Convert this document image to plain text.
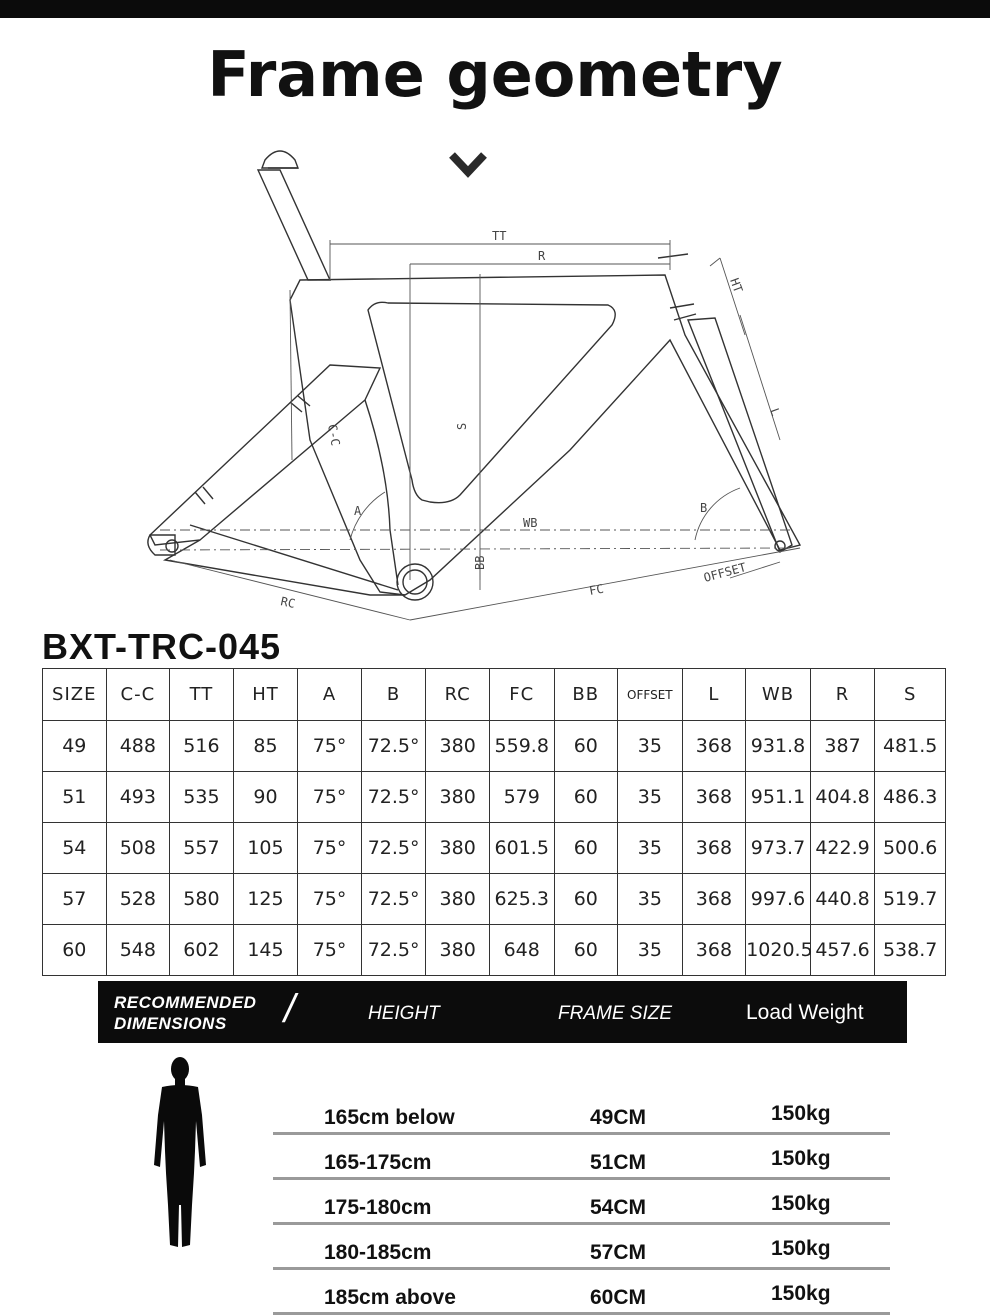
Frame geometry
TT
R
HT
S
C-C
A	B
WB
BB	OFFSET
RC
FC
L
BXT-TRC-045
SIZE	C-C	TT	HT	A	B	RC	FC	BB	OFFSET	L	WB	R	S
49	488	516	85	75°	72.5°	380	559.8	60	35	368	931.8	387	481.5
51	493	535	90	75°	72.5°	380	579	60	35	368	951.1	404.8	486.3
54	508	557	105	75°	72.5°	380	601.5	60	35	368	973.7	422.9	500.6
57	528	580	125	75°	72.5°	380	625.3	60	35	368	997.6	440.8	519.7
60	548	602	145	75°	72.5°	380	648	60	35	368	1020.5	457.6	538.7
RECOMMENDED
DIMENSIONS	/	HEIGHT	FRAME SIZE	Load Weight
165cm below	49CM	150kg
165-175cm	51CM	150kg
175-180cm	54CM	150kg
180-185cm	57CM	150kg
185cm above	60CM	150kg
